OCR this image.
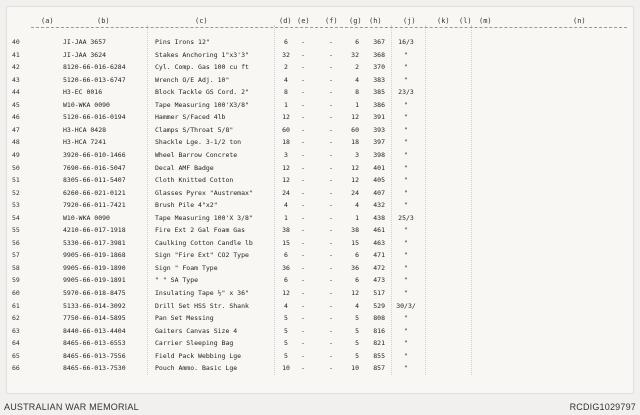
(a)	(b)	(c)	(d) (e) (f) (g) (h)	(j)	(k) (l) (m)	(n)
40	JI-JAA 3657	Pins Irons 12"	6	-	-	6	367	16/3
41	JI-JAA 3624	Stakes Anchoring 1"x3'3"	32	-	-	32	368	"
42	8120-66-016-6284	Cyl. Comp. Gas 100 cu ft	2	-	-	2	370	"
43	5120-66-013-6747	Wrench O/E Adj. 10"	4	-	-	4	383	"
44	H3-EC 0016	Block Tackle GS Cord. 2"	8	-	-	8	385	23/3
45	W10-WKA 0090	Tape Measuring 100'X3/8"	1	-	-	1	386	"
46	5120-66-016-0194	Hammer S/Faced 4lb	12	-	-	12	391	"
47	H3-HCA 0428	Clamps S/Throat 5/8"	60	-	-	60	393	"
48	H3-HCA 7241	Shackle Lge. 3-1/2 ton	18	-	-	18	397	"
49	3920-66-010-1466	Wheel Barrow Concrete	3	-	-	3	398	"
50	7690-66-016-5047	Decal AMF Badge	12	-	-	12	401	"
51	8305-66-011-5407	Cloth Knitted Cotton	12	-	-	12	405	"
52	6260-66-021-0121	Glasses Pyrex "Austremax"	24	-	-	24	407	"
53	7920-66-011-7421	Brush Pile 4"x2"	4	-	-	4	432	"
54	W10-WKA 0090	Tape Measuring 100'X 3/8"	1	-	-	1	438	25/3
55	4210-66-017-1918	Fire Ext 2 Gal Foam Gas	38	-	-	38	461	"
56	5330-66-017-3981	Caulking Cotton Candle lb	15	-	-	15	463	"
57	9905-66-019-1868	Sign "Fire Ext" CO2 Type	6	-	-	6	471	"
58	9905-66-019-1890	Sign " Foam Type	36	-	-	36	472	"
59	9905-66-019-1891	" " SA Type	6	-	-	6	473	"
60	5970-66-018-8475	Insulating Tape ½" x 36"	12	-	-	12	517	"
61	5133-66-014-3092	Drill Set HSS Str. Shank	4	-	-	4	529 30/3/
62	7750-66-014-5895	Pan Set Messing	5	-	-	5	808	"
63	8440-66-013-4404	Gaiters Canvas Size 4	5	-	-	5	816	"
64	8465-66-013-6553	Carrier Sleeping Bag	5	-	-	5	821	"
65	8465-66-013-7556	Field Pack Webbing Lge	5	-	-	5	855	"
66	8465-66-013-7530	Pouch Ammo. Basic Lge	10	-	-	10	857	"
AUSTRALIAN WAR MEMORIAL	RCDIG1029797
